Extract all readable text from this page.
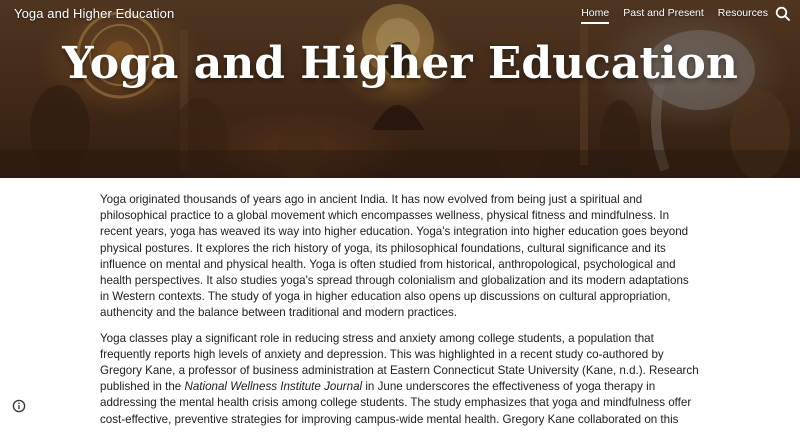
Yoga and Higher Education	Home Past and Present Resources
Yoga and Higher Education

Yoga originated thousands of years ago in ancient India. It has now evolved from being just a spiritual and philosophical practice to a global movement which encompasses wellness, physical fitness and mindfulness. In recent years, yoga has weaved its way into higher education. Yoga's integration into higher education goes beyond physical postures. It explores the rich history of yoga, its philosophical foundations, cultural significance and its influence on mental and physical health. Yoga is often studied from historical, anthropological, psychological and health perspectives. It also studies yoga's spread through colonialism and globalization and its modern adaptations in Western contexts. The study of yoga in higher education also opens up discussions on cultural appropriation, authencity and the balance between traditional and modern practices.

Yoga classes play a significant role in reducing stress and anxiety among college students, a population that frequently reports high levels of anxiety and depression. This was highlighted in a recent study co-authored by Gregory Kane, a professor of business administration at Eastern Connecticut State University (Kane, n.d.). Research published in the National Wellness Institute Journal in June underscores the effectiveness of yoga therapy in addressing the mental health crisis among college students. The study emphasizes that yoga and mindfulness offer cost-effective, preventive strategies for improving campus-wide mental health. Gregory Kane collaborated on this
